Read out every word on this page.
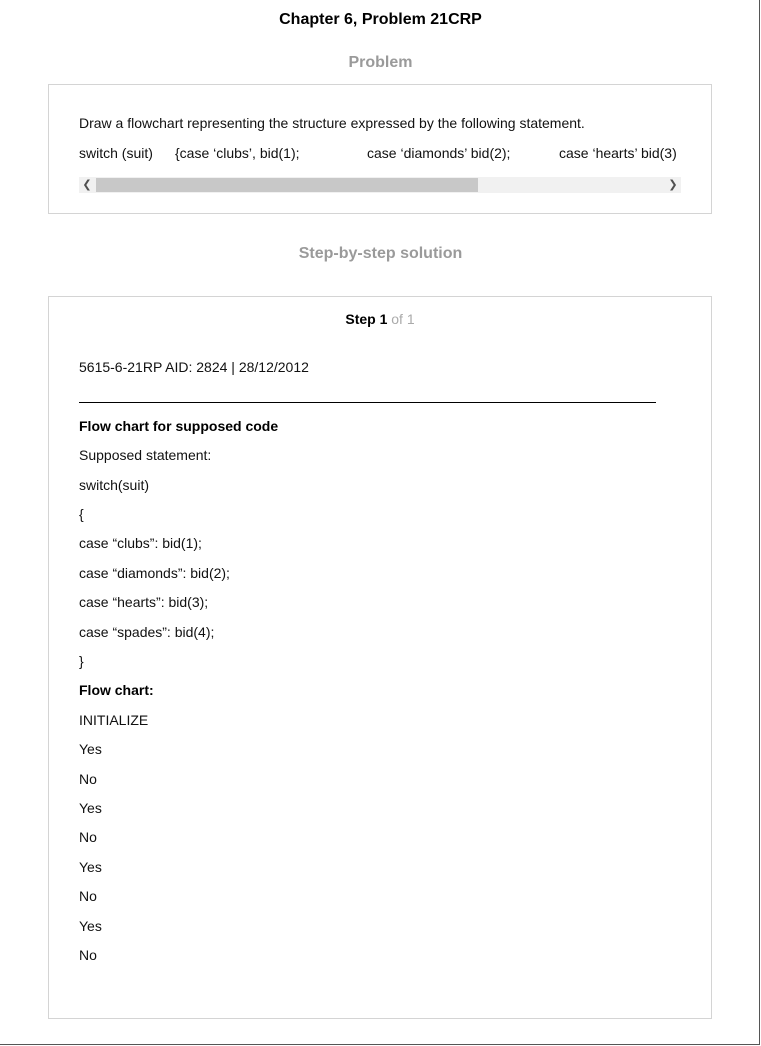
Chapter 6, Problem 21CRP
Problem
Draw a flowchart representing the structure expressed by the following statement.
switch (suit) {case ‘clubs’, bid(1);	case ‘diamonds’ bid(2);	case ‘hearts’ bid(3)
❮	❯
Step-by-step solution
Step 1 of 1
5615-6-21RP AID: 2824 | 28/12/2012
Flow chart for supposed code
Supposed statement:
switch(suit)
{
case “clubs”: bid(1);
case “diamonds”: bid(2);
case “hearts”: bid(3);
case “spades”: bid(4);
}
Flow chart:
INITIALIZE
Yes
No
Yes
No
Yes
No
Yes
No
